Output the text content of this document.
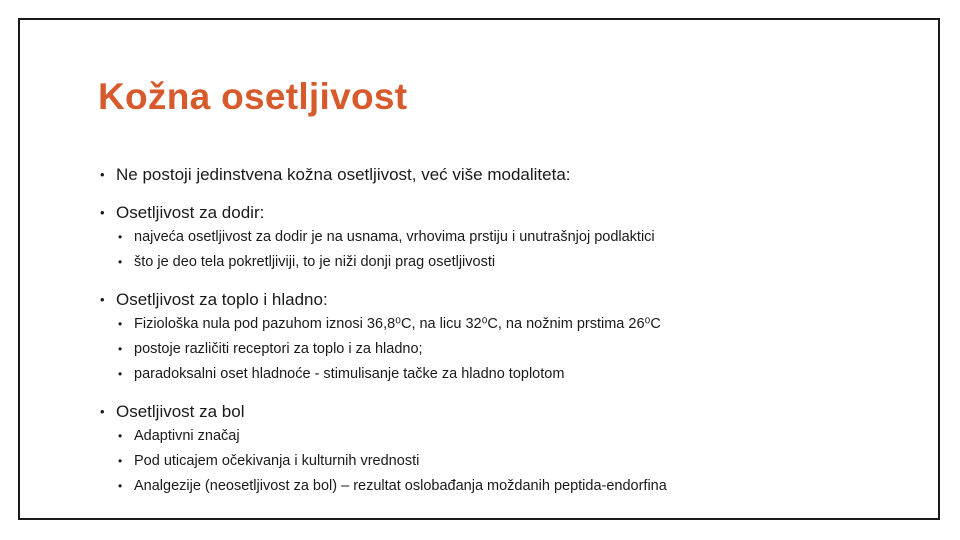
Kožna osetljivost
• Ne postoji jedinstvena kožna osetljivost, već više modaliteta:
• Osetljivost za dodir:
• najveća osetljivost za dodir je na usnama, vrhovima prstiju i unutrašnjoj podlaktici
• što je deo tela pokretljiviji, to je niži donji prag osetljivosti
• Osetljivost za toplo i hladno:
• Fiziološka nula pod pazuhom iznosi 36,8⁰C, na licu 32⁰C, na nožnim prstima 26⁰C
• postoje različiti receptori za toplo i za hladno;
• paradoksalni oset hladnoće - stimulisanje tačke za hladno toplotom
• Osetljivost za bol
• Adaptivni značaj
• Pod uticajem očekivanja i kulturnih vrednosti
• Analgezije (neosetljivost za bol) – rezultat oslobađanja moždanih peptida-endorfina
